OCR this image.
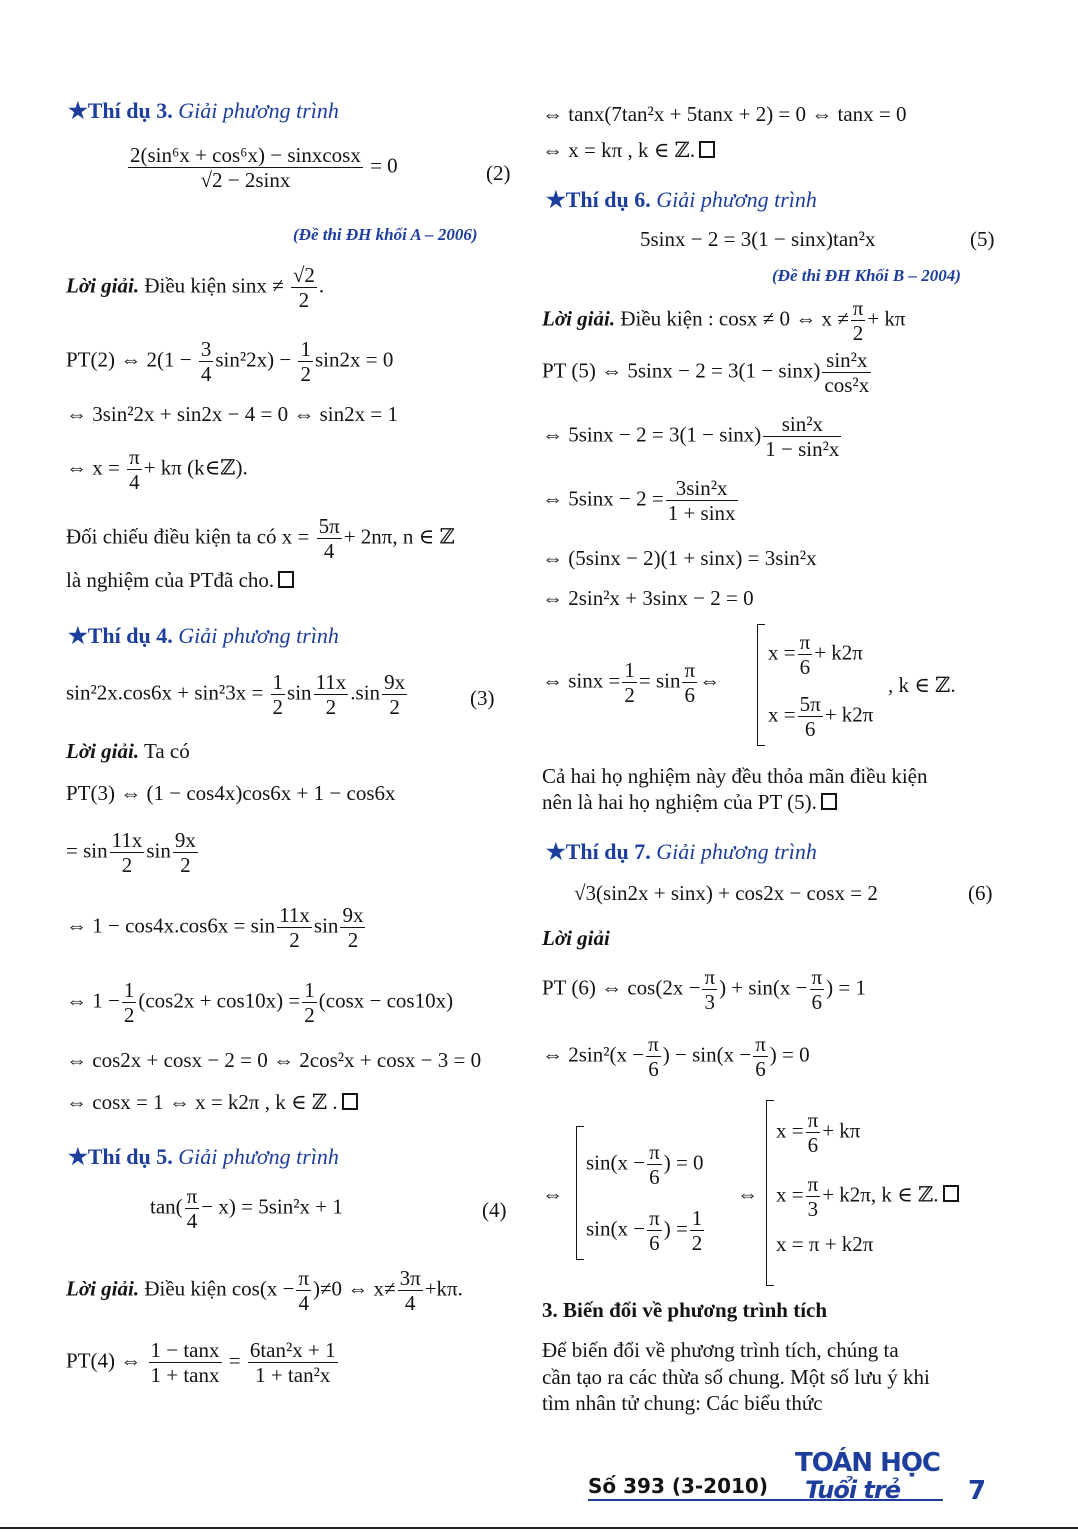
★Thí dụ 3. Giải phương trình
$\frac{\text{2(sin⁶x + cos⁶x) − sinxcosx}}{√2 - 2\sin x} = 0$	(2)
(Đề thi ĐH khối A – 2006)
Lời giải. Điều kiện $\sin x \ne \frac{√2}{2}$ .
PT(2) ⇔ $2(1 - \frac{3}{4} \sin^22x) - \frac{1}{2} \sin 2x = 0$
⇔ 3sin²2x + sin2x − 4 = 0 ⇔ sin2x = 1
⇔ $x = \frac{\pi}{4} + k\pi$ (k∈ℤ).
Đối chiếu điều kiện ta có $x = \frac{5\pi}{4} + 2n\pi$, n ∈ ℤ
là nghiệm của PTđã cho.
★Thí dụ 4. Giải phương trình
$\sin^22x.\cos 6x + \sin^23x = \frac{1}{2}$ $\sin \frac{11x}{2} .\sin \frac{9x}{2}$	(3)
Lời giải. Ta có
PT(3) ⇔ (1 − cos4x)cos6x + 1 − cos6x
= $\sin \frac{11x}{2}$ $\sin \frac{9x}{2}$
⇔ $1 - \cos 4x.\cos 6x = \sin \frac{11x}{2}$ $\sin \frac{9x}{2}$
⇔ $1 - \frac{1}{2} (\cos 2x + \cos 10x) = \frac{1}{2} (\cos x - \cos 10x)$
⇔ cos2x + cosx − 2 = 0 ⇔ 2cos²x + cosx − 3 = 0
⇔ cosx = 1 ⇔ x = k2π , k ∈ ℤ .
★Thí dụ 5. Giải phương trình
$\tan( \frac{\pi}{4} - x) = 5\sin^2x + 1$	(4)
Lời giải. Điều kiện $\cos(x - \frac{\pi}{4} )\ne 0$ ⇔ $x\ne \frac{3\pi}{4} +k\pi$.
PT(4) ⇔ $\frac{1 - \tan x}{1 + \tan x} = \frac{\text{6tan²x + 1}}{\text{1 + tan²x}}$
⇔ tanx(7tan²x + 5tanx + 2) = 0 ⇔ tanx = 0
⇔ x = kπ , k ∈ ℤ.
★Thí dụ 6. Giải phương trình
5sinx − 2 = 3(1 − sinx)tan²x	(5)
(Đề thi ĐH Khối B – 2004)
Lời giải. Điều kiện : cosx ≠ 0 ⇔ $x \ne \frac{\pi}{2} + k\pi$
PT (5) ⇔ $5\sin x - 2 = 3(1 - \sin x) \frac{\text{sin²x}}{\text{cos²x}}$
⇔ $5\sin x - 2 = 3(1 - \sin x) \frac{\text{sin²x}}{\text{1 − sin²x}}$
⇔ $5\sin x - 2 = \frac{\text{3sin²x}}{1 + \sin x}$
⇔ (5sinx − 2)(1 + sinx) = 3sin²x
⇔ 2sin²x + 3sinx − 2 = 0
⇔ $\sin x = \frac{1}{2} = \sin \frac{\pi}{6}$ ⇔
$x = \frac{\pi}{6} + k2\pi$
$x = \frac{5\pi}{6} + k2\pi$
, k ∈ ℤ.
Cả hai họ nghiệm này đều thỏa mãn điều kiện
nên là hai họ nghiệm của PT (5).
★Thí dụ 7. Giải phương trình
√3(sin2x + sinx) + cos2x − cosx = 2	(6)
Lời giải
PT (6) ⇔ $\cos(2x - \frac{\pi}{3}$ ) + $\sin(x - \frac{\pi}{6}$ ) = 1
⇔ $2\sin^2(x - \frac{\pi}{6}$ ) − $\sin(x - \frac{\pi}{6}$ ) = 0
⇔
$\sin(x - \frac{\pi}{6}$ ) = 0
$\sin(x - \frac{\pi}{6}$ ) = $\frac{1}{2}$
⇔
$x = \frac{\pi}{6} + k\pi$
$x = \frac{\pi}{3} + k2\pi$, k ∈ ℤ.
x = π + k2π
3. Biến đổi về phương trình tích
Để biến đổi về phương trình tích, chúng ta
cần tạo ra các thừa số chung. Một số lưu ý khi
tìm nhân tử chung: Các biểu thức
Số 393 (3-2010)
TOÁN HỌC
Tuổi trẻ	7
